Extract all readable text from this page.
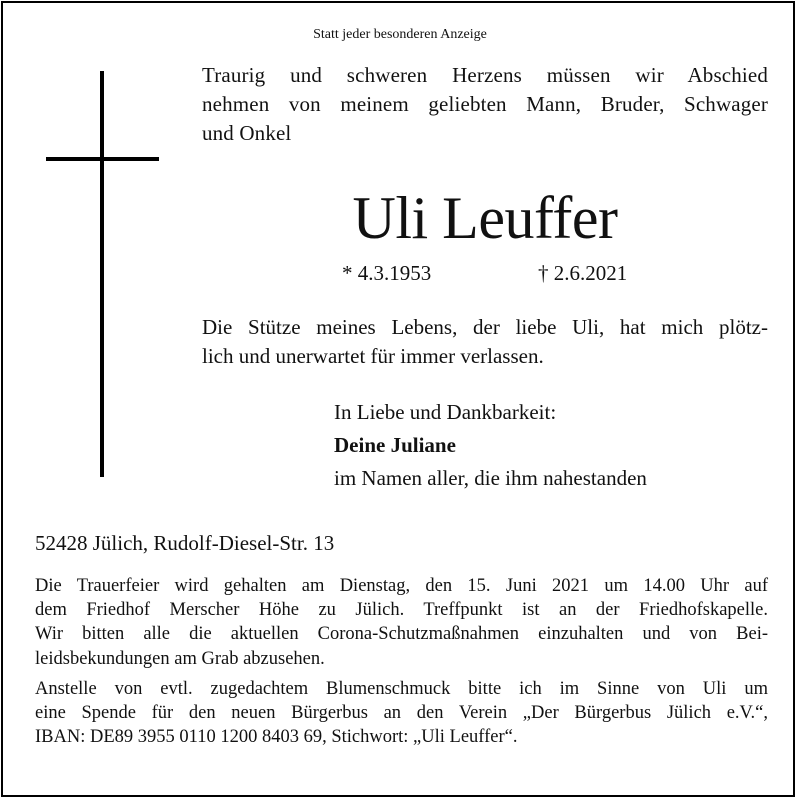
Statt jeder besonderen Anzeige
Traurig und schweren Herzens müssen wir Abschied
nehmen von meinem geliebten Mann, Bruder, Schwager
und Onkel
Uli Leuffer
* 4.3.1953	† 2.6.2021
Die Stütze meines Lebens, der liebe Uli, hat mich plötz-
lich und unerwartet für immer verlassen.
In Liebe und Dankbarkeit:
Deine Juliane
im Namen aller, die ihm nahestanden
52428 Jülich, Rudolf-Diesel-Str. 13

Die Trauerfeier wird gehalten am Dienstag, den 15. Juni 2021 um 14.00 Uhr auf
dem Friedhof Merscher Höhe zu Jülich. Treffpunkt ist an der Friedhofskapelle.
Wir bitten alle die aktuellen Corona-Schutzmaßnahmen einzuhalten und von Bei-
leidsbekundungen am Grab abzusehen.

Anstelle von evtl. zugedachtem Blumenschmuck bitte ich im Sinne von Uli um
eine Spende für den neuen Bürgerbus an den Verein „Der Bürgerbus Jülich e.V.“,
IBAN: DE89 3955 0110 1200 8403 69, Stichwort: „Uli Leuffer“.
